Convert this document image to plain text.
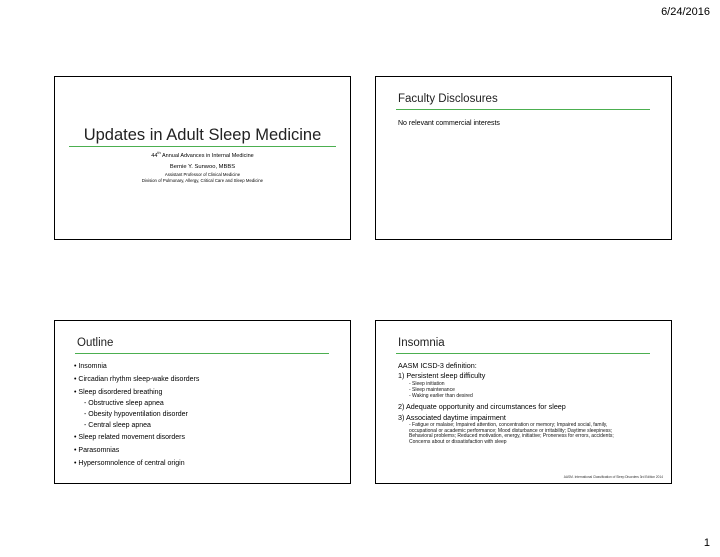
6/24/2016
Updates in Adult Sleep Medicine
44th Annual Advances in Internal Medicine
Bernie Y. Sunwoo, MBBS
Assistant Professor of Clinical Medicine
Division of Pulmonary, Allergy, Critical Care and Sleep Medicine
Faculty Disclosures
No relevant commercial interests
Outline
• Insomnia
• Circadian rhythm sleep-wake disorders
• Sleep disordered breathing
- Obstructive sleep apnea
- Obesity hypoventilation disorder
- Central sleep apnea
• Sleep related movement disorders
• Parasomnias
• Hypersomnolence of central origin
Insomnia
AASM ICSD-3 definition:
1) Persistent sleep difficulty
- Sleep initiation
- Sleep maintenance
- Waking earlier than desired
2) Adequate opportunity and circumstances for sleep
3) Associated daytime impairment
- Fatigue or malaise; Impaired attention, concentration or memory; Impaired social, family, occupational or academic performance; Mood disturbance or irritability; Daytime sleepiness; Behavioral problems; Reduced motivation, energy, initiative; Proneness for errors, accidents; Concerns about or dissatisfaction with sleep
AASM. International Classification of Sleep Disorders 3rd Edition 2014
1
